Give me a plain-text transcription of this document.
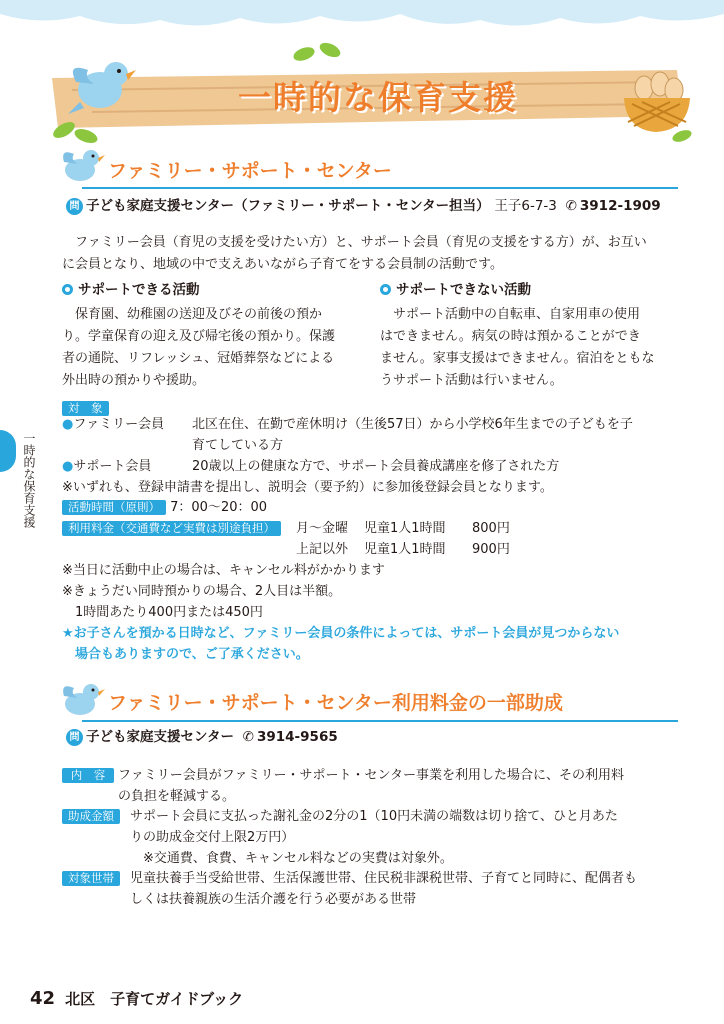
一時的な保育支援
一時的な保育支援
ファミリー・サポート・センター
問 子ども家庭支援センター（ファミリー・サポート・センター担当） 王子6-7-3 ✆ 3912-1909
　ファミリー会員（育児の支援を受けたい方）と、サポート会員（育児の支援をする方）が、お互い
に会員となり、地域の中で支えあいながら子育てをする会員制の活動です。
サポートできる活動
　保育園、幼稚園の送迎及びその前後の預か
り。学童保育の迎え及び帰宅後の預かり。保護
者の通院、リフレッシュ、冠婚葬祭などによる
外出時の預かりや援助。
サポートできない活動
　サポート活動中の自転車、自家用車の使用
はできません。病気の時は預かることができ
ません。家事支援はできません。宿泊をともな
うサポート活動は行いません。
対　象
●ファミリー会員 北区在住、在勤で産休明け（生後57日）から小学校6年生までの子どもを子
育てしている方
●サポート会員	20歳以上の健康な方で、サポート会員養成講座を修了された方
※いずれも、登録申請書を提出し、説明会（要予約）に参加後登録会員となります。
活動時間（原則） 7：00～20：00
利用料金（交通費など実費は別途負担）	月～金曜 児童1人1時間 800円
上記以外 児童1人1時間 900円
※当日に活動中止の場合は、キャンセル料がかかります
※きょうだい同時預かりの場合、2人目は半額。
　1時間あたり400円または450円
★お子さんを預かる日時など、ファミリー会員の条件によっては、サポート会員が見つからない
　場合もありますので、ご了承ください。
ファミリー・サポート・センター利用料金の一部助成
問 子ども家庭支援センター ✆ 3914-9565
内　容 ファミリー会員がファミリー・サポート・センター事業を利用した場合に、その利用料
の負担を軽減する。
助成金額	サポート会員に支払った謝礼金の2分の1（10円未満の端数は切り捨て、ひと月あた
りの助成金交付上限2万円）
　※交通費、食費、キャンセル料などの実費は対象外。
対象世帯	児童扶養手当受給世帯、生活保護世帯、住民税非課税世帯、子育てと同時に、配偶者も
しくは扶養親族の生活介護を行う必要がある世帯
42 北区　子育てガイドブック
